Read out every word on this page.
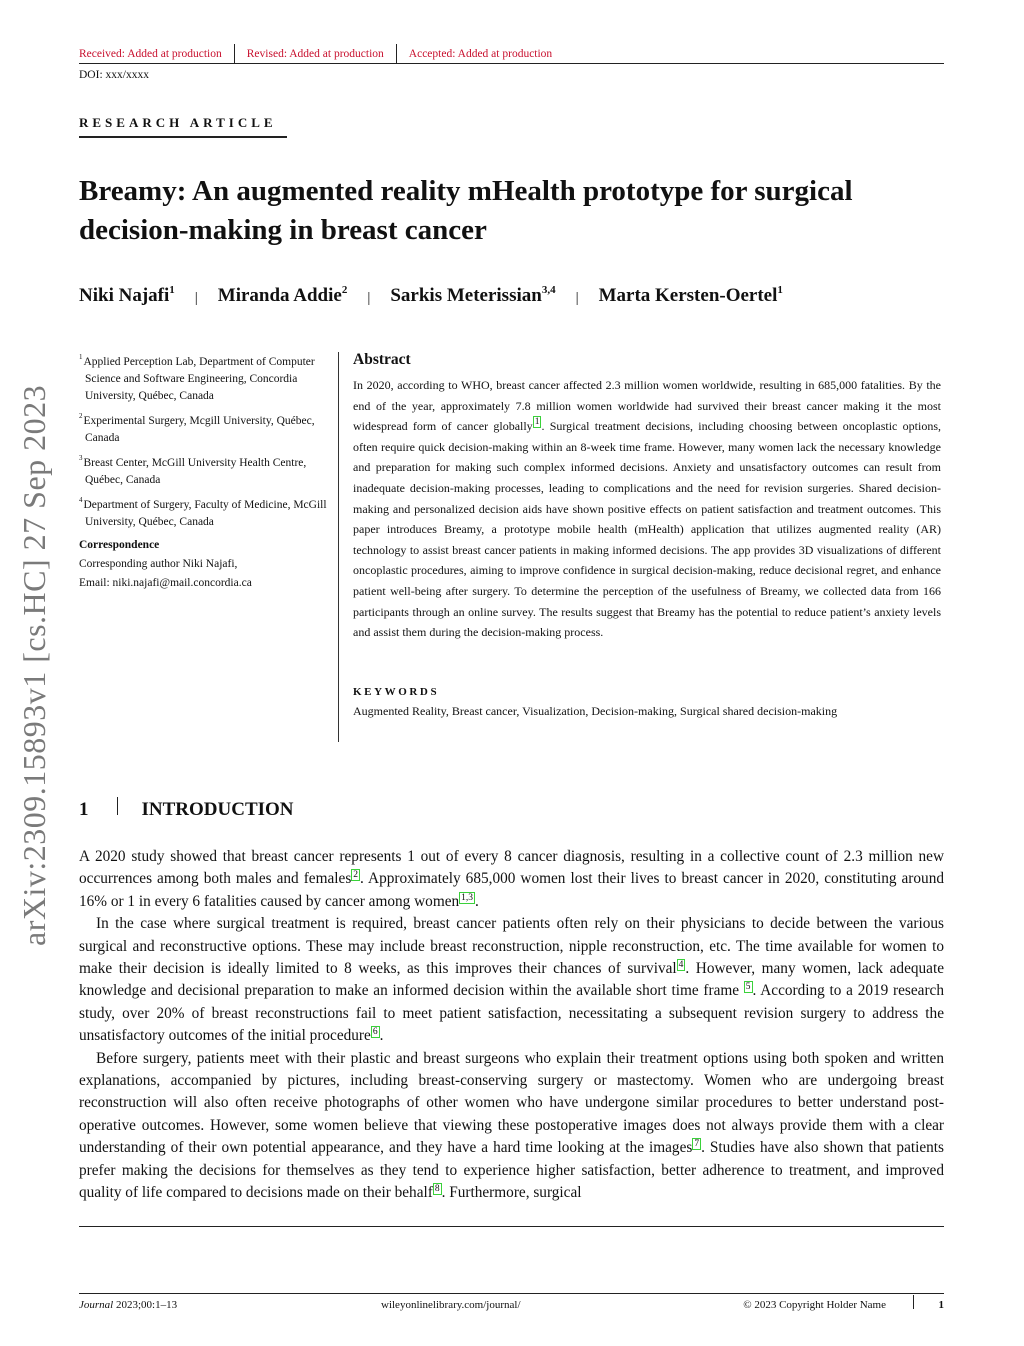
Received: Added at production	Revised: Added at production	Accepted: Added at production
DOI: xxx/xxxx
RESEARCH ARTICLE
Breamy: An augmented reality mHealth prototype for surgical decision-making in breast cancer
Niki Najafi$^1$ | Miranda Addie$^2$ | Sarkis Meterissian$^{3,4}$ | Marta Kersten-Oertel$^1$
arXiv:2309.15893v1 [cs.HC] 27 Sep 2023
$^1$Applied Perception Lab, Department of Computer Science and Software Engineering, Concordia University, Québec, Canada
$^2$Experimental Surgery, Mcgill University, Québec, Canada
$^3$Breast Center, McGill University Health Centre, Québec, Canada
$^4$Department of Surgery, Faculty of Medicine, McGill University, Québec, Canada
Correspondence
Corresponding author Niki Najafi,
Email: niki.najafi@mail.concordia.ca
Abstract
In 2020, according to WHO, breast cancer affected 2.3 million women worldwide, resulting in 685,000 fatalities. By the end of the year, approximately 7.8 million women worldwide had survived their breast cancer making it the most widespread form of cancer globally $^1$ . Surgical treatment decisions, including choosing between oncoplastic options, often require quick decision-making within an 8-week time frame. However, many women lack the necessary knowledge and preparation for making such complex informed decisions. Anxiety and unsatisfactory outcomes can result from inadequate decision-making processes, leading to complications and the need for revision surgeries. Shared decision-making and personalized decision aids have shown positive effects on patient satisfaction and treatment outcomes. This paper introduces Breamy, a prototype mobile health (mHealth) application that utilizes augmented reality (AR) technology to assist breast cancer patients in making informed decisions. The app provides 3D visualizations of different oncoplastic procedures, aiming to improve confidence in surgical decision-making, reduce decisional regret, and enhance patient well-being after surgery. To determine the perception of the usefulness of Breamy, we collected data from 166 participants through an online survey. The results suggest that Breamy has the potential to reduce patient’s anxiety levels and assist them during the decision-making process.
KEYWORDS
Augmented Reality, Breast cancer, Visualization, Decision-making, Surgical shared decision-making
1	INTRODUCTION

A 2020 study showed that breast cancer represents 1 out of every 8 cancer diagnosis, resulting in a collective count of 2.3 million new occurrences among both males and females $^2$ . Approximately 685,000 women lost their lives to breast cancer in 2020, constituting around 16% or 1 in every 6 fatalities caused by cancer among women $^{1,3}$ .

In the case where surgical treatment is required, breast cancer patients often rely on their physicians to decide between the various surgical and reconstructive options. These may include breast reconstruction, nipple reconstruction, etc. The time available for women to make their decision is ideally limited to 8 weeks, as this improves their chances of survival $^4$ . However, many women, lack adequate knowledge and decisional preparation to make an informed decision within the available short time frame $^5$ . According to a 2019 research study, over 20% of breast reconstructions fail to meet patient satisfaction, necessitating a subsequent revision surgery to address the unsatisfactory outcomes of the initial procedure $^6$ .

Before surgery, patients meet with their plastic and breast surgeons who explain their treatment options using both spoken and written explanations, accompanied by pictures, including breast-conserving surgery or mastectomy. Women who are undergoing breast reconstruction will also often receive photographs of other women who have undergone similar procedures to better understand post-operative outcomes. However, some women believe that viewing these postoperative images does not always provide them with a clear understanding of their own potential appearance, and they have a hard time looking at the images $^7$ . Studies have also shown that patients prefer making the decisions for themselves as they tend to experience higher satisfaction, better adherence to treatment, and improved quality of life compared to decisions made on their behalf $^8$ . Furthermore, surgical

Journal 2023;00:1–13	wileyonlinelibrary.com/journal/	© 2023 Copyright Holder Name	1
